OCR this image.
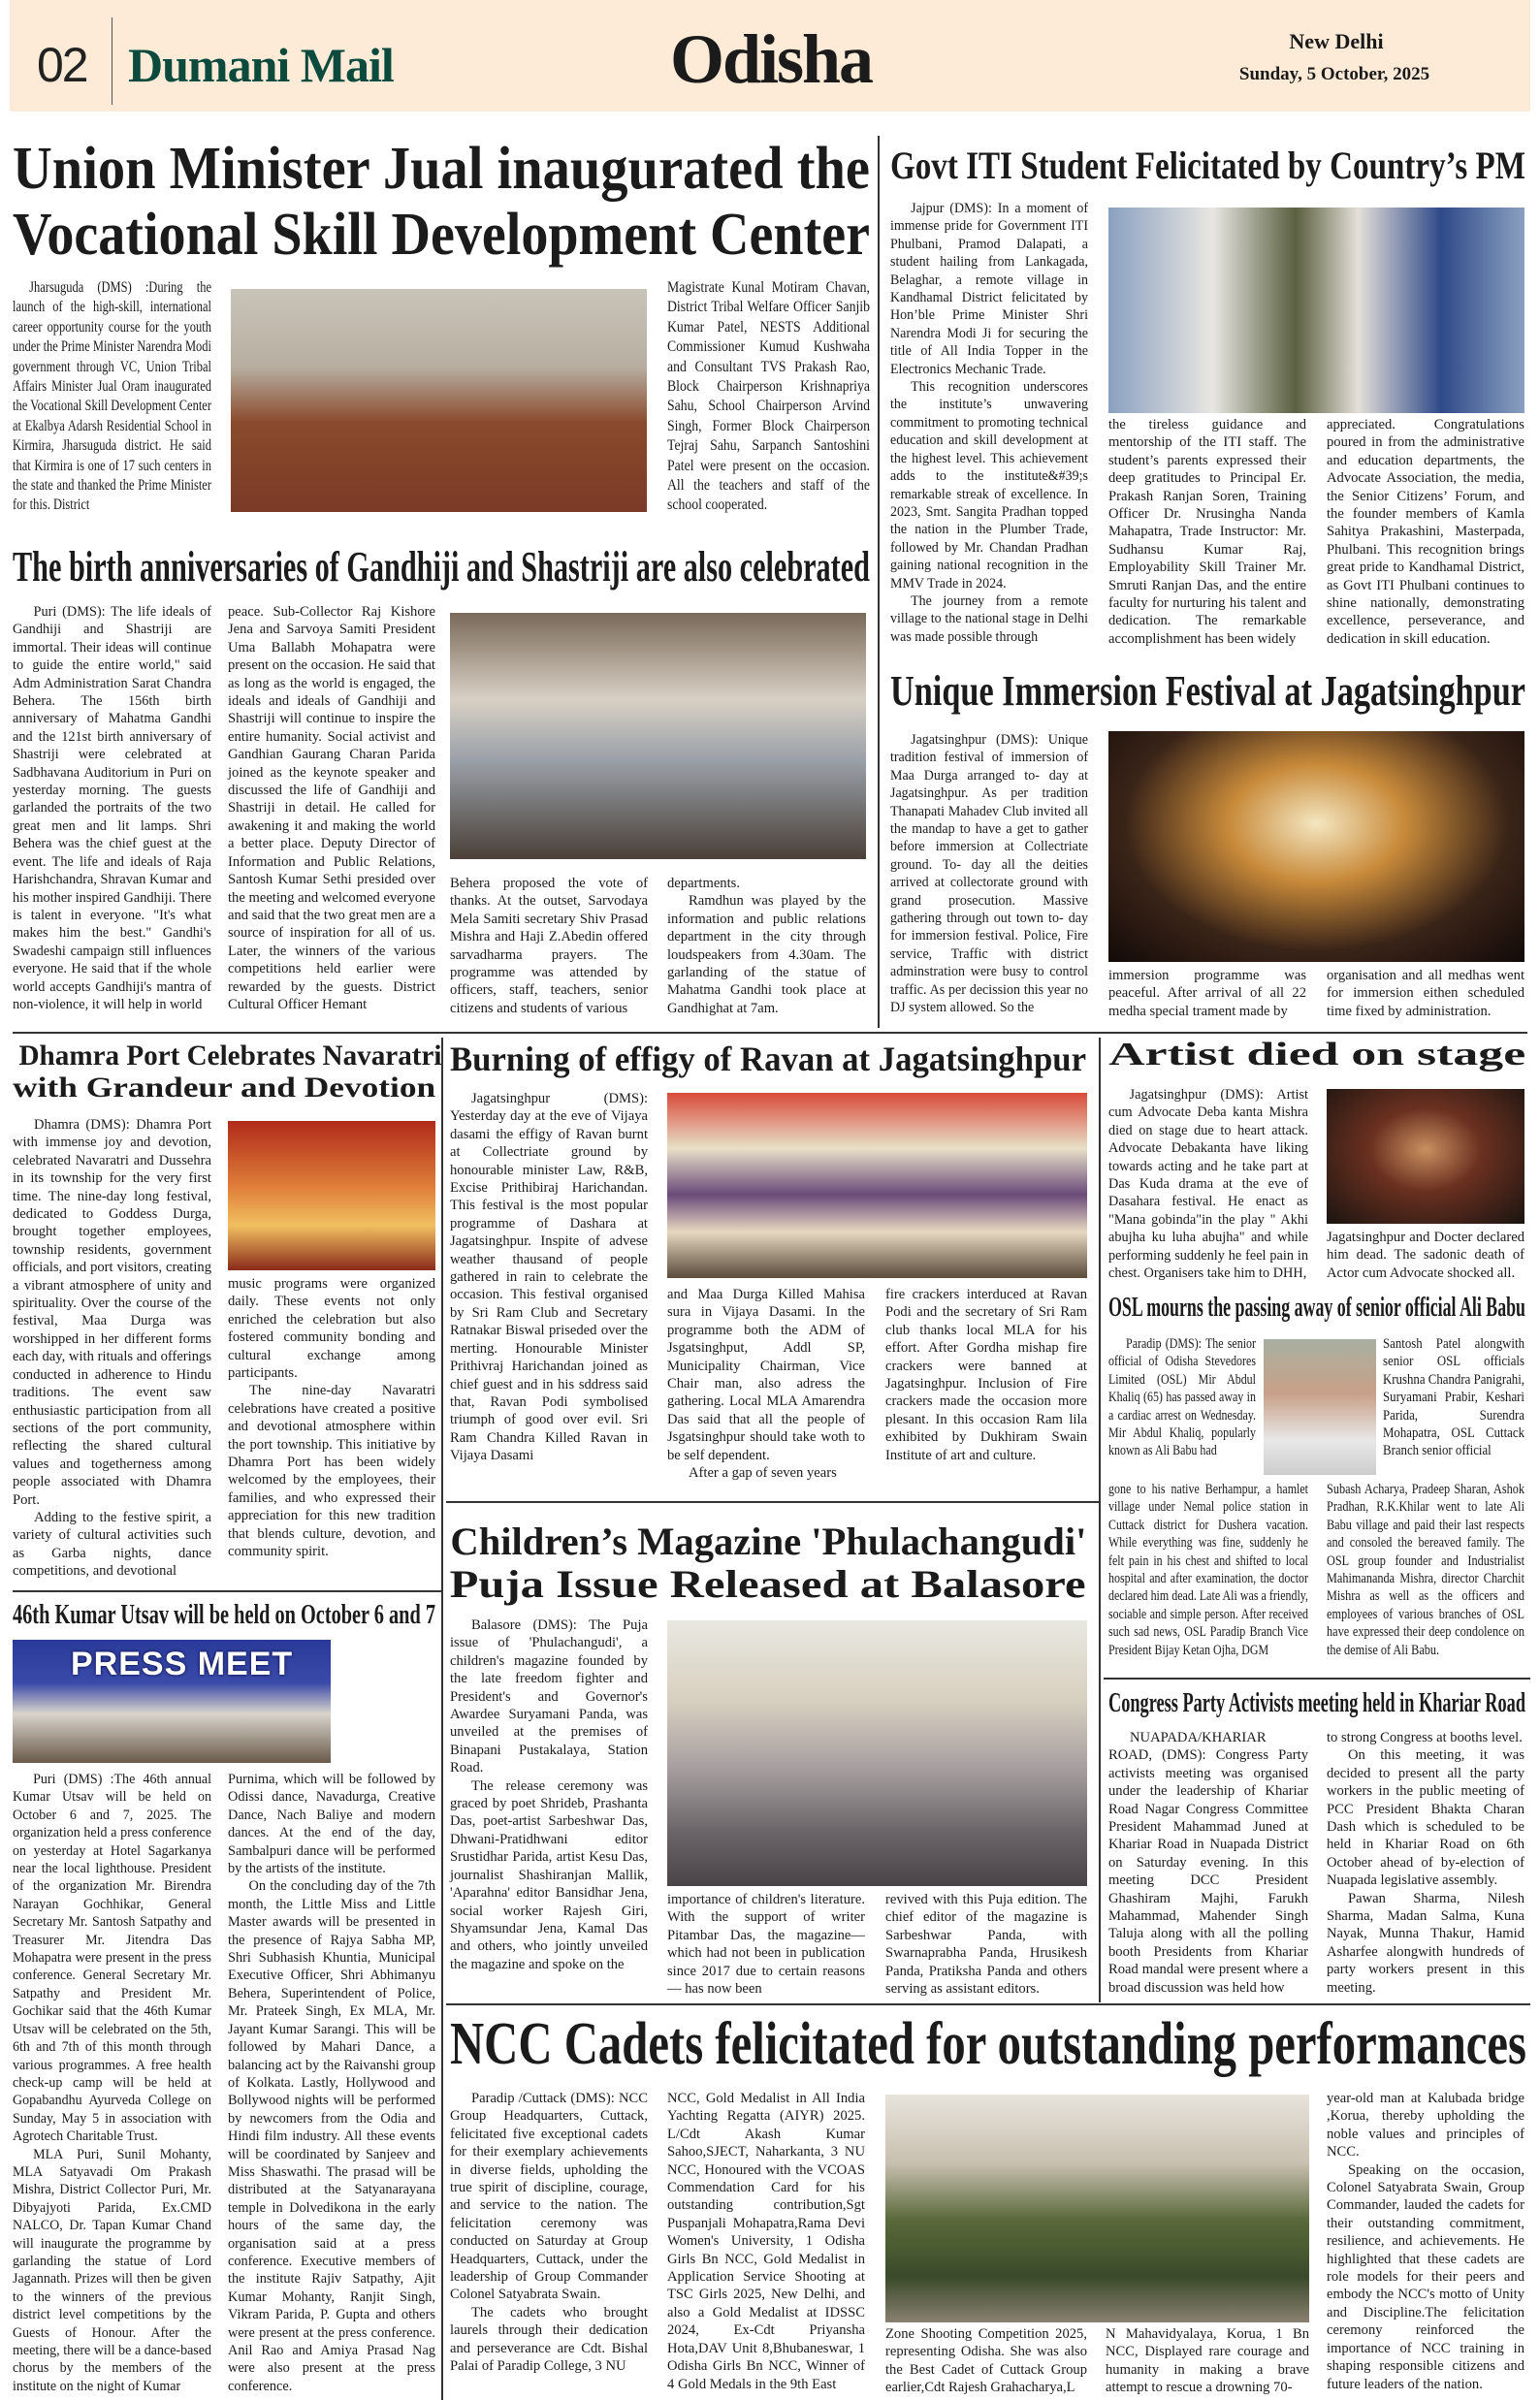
02 Dumani Mail	Odisha	New Delhi
Sunday, 5 October, 2025
Union Minister Jual inaugurated the
Vocational Skill Development Center

Jharsuguda (DMS) :During the launch of the high-skill, international career opportunity course for the youth under the Prime Minister Narendra Modi government through VC, Union Tribal Affairs Minister Jual Oram inaugurated the Vocational Skill Development Center at Ekalbya Adarsh Residential School in Kirmira, Jharsuguda district. He said that Kirmira is one of 17 such centers in the state and thanked the Prime Minister for this. District

Magistrate Kunal Motiram Chavan, District Tribal Welfare Officer Sanjib Kumar Patel, NESTS Additional Commissioner Kumud Kushwaha and Consultant TVS Prakash Rao, Block Chairperson Krishnapriya Sahu, School Chairperson Arvind Singh, Former Block Chairperson Tejraj Sahu, Sarpanch Santoshini Patel were present on the occasion. All the teachers and staff of the school cooperated.

Govt ITI Student Felicitated by Country’s PM

Jajpur (DMS): In a moment of immense pride for Government ITI Phulbani, Pramod Dalapati, a student hailing from Lankagada, Belaghar, a remote village in Kandhamal District felicitated by Hon’ble Prime Minister Shri Narendra Modi Ji for securing the title of All India Topper in the Electronics Mechanic Trade.

This recognition underscores the institute’s unwavering commitment to promoting technical education and skill development at the highest level. This achievement adds to the institute&#39;s remarkable streak of excellence. In 2023, Smt. Sangita Pradhan topped the nation in the Plumber Trade, followed by Mr. Chandan Pradhan gaining national recognition in the MMV Trade in 2024.

The journey from a remote village to the national stage in Delhi was made possible through

the tireless guidance and mentorship of the ITI staff. The student’s parents expressed their deep gratitudes to Principal Er. Prakash Ranjan Soren, Training Officer Dr. Nrusingha Nanda Mahapatra, Trade Instructor: Mr. Sudhansu Kumar Raj, Employability Skill Trainer Mr. Smruti Ranjan Das, and the entire faculty for nurturing his talent and dedication. The remarkable accomplishment has been widely

appreciated. Congratulations poured in from the administrative and education departments, the Advocate Association, the media, the Senior Citizens’ Forum, and the founder members of Kamla Sahitya Prakashini, Masterpada, Phulbani. This recognition brings great pride to Kandhamal District, as Govt ITI Phulbani continues to shine nationally, demonstrating excellence, perseverance, and dedication in skill education.

The birth anniversaries of Gandhiji and Shastriji are also celebrated

Puri (DMS): The life ideals of Gandhiji and Shastriji are immortal. Their ideas will continue to guide the entire world," said Adm Administration Sarat Chandra Behera. The 156th birth anniversary of Mahatma Gandhi and the 121st birth anniversary of Shastriji were celebrated at Sadbhavana Auditorium in Puri on yesterday morning. The guests garlanded the portraits of the two great men and lit lamps. Shri Behera was the chief guest at the event. The life and ideals of Raja Harishchandra, Shravan Kumar and his mother inspired Gandhiji. There is talent in everyone. "It's what makes him the best." Gandhi's Swadeshi campaign still influences everyone. He said that if the whole world accepts Gandhiji's mantra of non-violence, it will help in world

peace. Sub-Collector Raj Kishore Jena and Sarvoya Samiti President Uma Ballabh Mohapatra were present on the occasion. He said that as long as the world is engaged, the ideals and ideals of Gandhiji and Shastriji will continue to inspire the entire humanity. Social activist and Gandhian Gaurang Charan Parida joined as the keynote speaker and discussed the life of Gandhiji and Shastriji in detail. He called for awakening it and making the world a better place. Deputy Director of Information and Public Relations, Santosh Kumar Sethi presided over the meeting and welcomed everyone and said that the two great men are a source of inspiration for all of us. Later, the winners of the various competitions held earlier were rewarded by the guests. District Cultural Officer Hemant

Behera proposed the vote of thanks. At the outset, Sarvodaya Mela Samiti secretary Shiv Prasad Mishra and Haji Z.Abedin offered sarvadharma prayers. The programme was attended by officers, staff, teachers, senior citizens and students of various

departments.

Ramdhun was played by the information and public relations department in the city through loudspeakers from 4.30am. The garlanding of the statue of Mahatma Gandhi took place at Gandhighat at 7am.

Unique Immersion Festival at Jagatsinghpur

Jagatsinghpur (DMS): Unique tradition festival of immersion of Maa Durga arranged to- day at Jagatsinghpur. As per tradition Thanapati Mahadev Club invited all the mandap to have a get to gather before immersion at Collectriate ground. To- day all the deities arrived at collectorate ground with grand prosecution. Massive gathering through out town to- day for immersion festival. Police, Fire service, Traffic with district adminstration were busy to control traffic. As per decission this year no DJ system allowed. So the

immersion programme was peaceful. After arrival of all 22 medha special trament made by

organisation and all medhas went for immersion eithen scheduled time fixed by administration.

Dhamra Port Celebrates Navaratri
with Grandeur and Devotion

Dhamra (DMS): Dhamra Port with immense joy and devotion, celebrated Navaratri and Dussehra in its township for the very first time. The nine-day long festival, dedicated to Goddess Durga, brought together employees, township residents, government officials, and port visitors, creating a vibrant atmosphere of unity and spirituality. Over the course of the festival, Maa Durga was worshipped in her different forms each day, with rituals and offerings conducted in adherence to Hindu traditions. The event saw enthusiastic participation from all sections of the port community, reflecting the shared cultural values and togetherness among people associated with Dhamra Port.

Adding to the festive spirit, a variety of cultural activities such as Garba nights, dance competitions, and devotional

music programs were organized daily. These events not only enriched the celebration but also fostered community bonding and cultural exchange among participants.

The nine-day Navaratri celebrations have created a positive and devotional atmosphere within the port township. This initiative by Dhamra Port has been widely welcomed by the employees, their families, and who expressed their appreciation for this new tradition that blends culture, devotion, and community spirit.

Burning of effigy of Ravan at Jagatsinghpur

Jagatsinghpur (DMS): Yesterday day at the eve of Vijaya dasami the effigy of Ravan burnt at Collectriate ground by honourable minister Law, R&B, Excise Prithibiraj Harichandan. This festival is the most popular programme of Dashara at Jagatsinghpur. Inspite of advese weather thausand of people gathered in rain to celebrate the occasion. This festival organised by Sri Ram Club and Secretary Ratnakar Biswal priseded over the merting. Honourable Minister Prithivraj Harichandan joined as chief guest and in his sddress said that, Ravan Podi symbolised triumph of good over evil. Sri Ram Chandra Killed Ravan in Vijaya Dasami

and Maa Durga Killed Mahisa sura in Vijaya Dasami. In the programme both the ADM of Jsgatsinghput, Addl SP, Municipality Chairman, Vice Chair man, also adress the gathering. Local MLA Amarendra Das said that all the people of Jsgatsinghpur should take woth to be self dependent.

After a gap of seven years

fire crackers interduced at Ravan Podi and the secretary of Sri Ram club thanks local MLA for his effort. After Gordha mishap fire crackers were banned at Jagatsinghpur. Inclusion of Fire crackers made the occasion more plesant. In this occasion Ram lila exhibited by Dukhiram Swain Institute of art and culture.

Artist died on stage

Jagatsinghpur (DMS): Artist cum Advocate Deba kanta Mishra died on stage due to heart attack. Advocate Debakanta have liking towards acting and he take part at Das Kuda drama at the eve of Dasahara festival. He enact as "Mana gobinda"in the play " Akhi abujha ku luha abujha" and while performing suddenly he feel pain in chest. Organisers take him to DHH,

Jagatsinghpur and Docter declared him dead. The sadonic death of Actor cum Advocate shocked all.

OSL mourns the passing away of senior official Ali Babu

Paradip (DMS): The senior official of Odisha Stevedores Limited (OSL) Mir Abdul Khaliq (65) has passed away in a cardiac arrest on Wednesday. Mir Abdul Khaliq, popularly known as Ali Babu had

Santosh Patel alongwith senior OSL officials Krushna Chandra Panigrahi, Suryamani Prabir, Keshari Parida, Surendra Mohapatra, OSL Cuttack Branch senior official

gone to his native Berhampur, a hamlet village under Nemal police station in Cuttack district for Dushera vacation. While everything was fine, suddenly he felt pain in his chest and shifted to local hospital and after examination, the doctor declared him dead. Late Ali was a friendly, sociable and simple person. After received such sad news, OSL Paradip Branch Vice President Bijay Ketan Ojha, DGM

Subash Acharya, Pradeep Sharan, Ashok Pradhan, R.K.Khilar went to late Ali Babu village and paid their last respects and consoled the bereaved family. The OSL group founder and Industrialist Mahimananda Mishra, director Charchit Mishra as well as the officers and employees of various branches of OSL have expressed their deep condolence on the demise of Ali Babu.

46th Kumar Utsav will be held on October 6 and 7
PRESS MEET

Puri (DMS) :The 46th annual Kumar Utsav will be held on October 6 and 7, 2025. The organization held a press conference on yesterday at Hotel Sagarkanya near the local lighthouse. President of the organization Mr. Birendra Narayan Gochhikar, General Secretary Mr. Santosh Satpathy and Treasurer Mr. Jitendra Das Mohapatra were present in the press conference. General Secretary Mr. Satpathy and President Mr. Gochikar said that the 46th Kumar Utsav will be celebrated on the 5th, 6th and 7th of this month through various programmes. A free health check-up camp will be held at Gopabandhu Ayurveda College on Sunday, May 5 in association with Agrotech Charitable Trust.

MLA Puri, Sunil Mohanty, MLA Satyavadi Om Prakash Mishra, District Collector Puri, Mr. Dibyajyoti Parida, Ex.CMD NALCO, Dr. Tapan Kumar Chand will inaugurate the programme by garlanding the statue of Lord Jagannath. Prizes will then be given to the winners of the previous district level competitions by the Guests of Honour. After the meeting, there will be a dance-based chorus by the members of the institute on the night of Kumar

Purnima, which will be followed by Odissi dance, Navadurga, Creative Dance, Nach Baliye and modern dances. At the end of the day, Sambalpuri dance will be performed by the artists of the institute.

On the concluding day of the 7th month, the Little Miss and Little Master awards will be presented in the presence of Rajya Sabha MP, Shri Subhasish Khuntia, Municipal Executive Officer, Shri Abhimanyu Behera, Superintendent of Police, Mr. Prateek Singh, Ex MLA, Mr. Jayant Kumar Sarangi. This will be followed by Mahari Dance, a balancing act by the Raivanshi group of Kolkata. Lastly, Hollywood and Bollywood nights will be performed by newcomers from the Odia and Hindi film industry. All these events will be coordinated by Sanjeev and Miss Shaswathi. The prasad will be distributed at the Satyanarayana temple in Dolvedikona in the early hours of the same day, the organisation said at a press conference. Executive members of the institute Rajiv Satpathy, Ajit Kumar Mohanty, Ranjit Singh, Vikram Parida, P. Gupta and others were present at the press conference. Anil Rao and Amiya Prasad Nag were also present at the press conference.

Children’s Magazine 'Phulachangudi'
Puja Issue Released at Balasore

Balasore (DMS): The Puja issue of 'Phulachangudi', a children's magazine founded by the late freedom fighter and President's and Governor's Awardee Suryamani Panda, was unveiled at the premises of Binapani Pustakalaya, Station Road.

The release ceremony was graced by poet Shrideb, Prashanta Das, poet-artist Sarbeshwar Das, Dhwani-Pratidhwani editor Srustidhar Parida, artist Kesu Das, journalist Shashiranjan Mallik, 'Aparahna' editor Bansidhar Jena, social worker Rajesh Giri, Shyamsundar Jena, Kamal Das and others, who jointly unveiled the magazine and spoke on the

importance of children's literature. With the support of writer Pitambar Das, the magazine— which had not been in publication since 2017 due to certain reasons— has now been

revived with this Puja edition. The chief editor of the magazine is Sarbeshwar Panda, with Swarnaprabha Panda, Hrusikesh Panda, Pratiksha Panda and others serving as assistant editors.

Congress Party Activists meeting held in Khariar Road

NUAPADA/KHARIAR ROAD, (DMS): Congress Party activists meeting was organised under the leadership of Khariar Road Nagar Congress Committee President Mahammad Juned at Khariar Road in Nuapada District on Saturday evening. In this meeting DCC President Ghashiram Majhi, Farukh Mahammad, Mahender Singh Taluja along with all the polling booth Presidents from Khariar Road mandal were present where a broad discussion was held how

to strong Congress at booths level.

On this meeting, it was decided to present all the party workers in the public meeting of PCC President Bhakta Charan Dash which is scheduled to be held in Khariar Road on 6th October ahead of by-election of Nuapada legislative assembly.

Pawan Sharma, Nilesh Sharma, Madan Salma, Kuna Nayak, Munna Thakur, Hamid Asharfee alongwith hundreds of party workers present in this meeting.

NCC Cadets felicitated for outstanding performances

Paradip /Cuttack (DMS): NCC Group Headquarters, Cuttack, felicitated five exceptional cadets for their exemplary achievements in diverse fields, upholding the true spirit of discipline, courage, and service to the nation. The felicitation ceremony was conducted on Saturday at Group Headquarters, Cuttack, under the leadership of Group Commander Colonel Satyabrata Swain.

The cadets who brought laurels through their dedication and perseverance are Cdt. Bishal Palai of Paradip College, 3 NU

NCC, Gold Medalist in All India Yachting Regatta (AIYR) 2025. L/Cdt Akash Kumar Sahoo,SJECT, Naharkanta, 3 NU NCC, Honoured with the VCOAS Commendation Card for his outstanding contribution,Sgt Puspanjali Mohapatra,Rama Devi Women's University, 1 Odisha Girls Bn NCC, Gold Medalist in Application Service Shooting at TSC Girls 2025, New Delhi, and also a Gold Medalist at IDSSC 2024, Ex-Cdt Priyansha Hota,DAV Unit 8,Bhubaneswar, 1 Odisha Girls Bn NCC, Winner of 4 Gold Medals in the 9th East

Zone Shooting Competition 2025, representing Odisha. She was also the Best Cadet of Cuttack Group earlier,Cdt Rajesh Grahacharya,L

N Mahavidyalaya, Korua, 1 Bn NCC, Displayed rare courage and humanity in making a brave attempt to rescue a drowning 70-

year-old man at Kalubada bridge ,Korua, thereby upholding the noble values and principles of NCC.

Speaking on the occasion, Colonel Satyabrata Swain, Group Commander, lauded the cadets for their outstanding commitment, resilience, and achievements. He highlighted that these cadets are role models for their peers and embody the NCC's motto of Unity and Discipline.The felicitation ceremony reinforced the importance of NCC training in shaping responsible citizens and future leaders of the nation.
